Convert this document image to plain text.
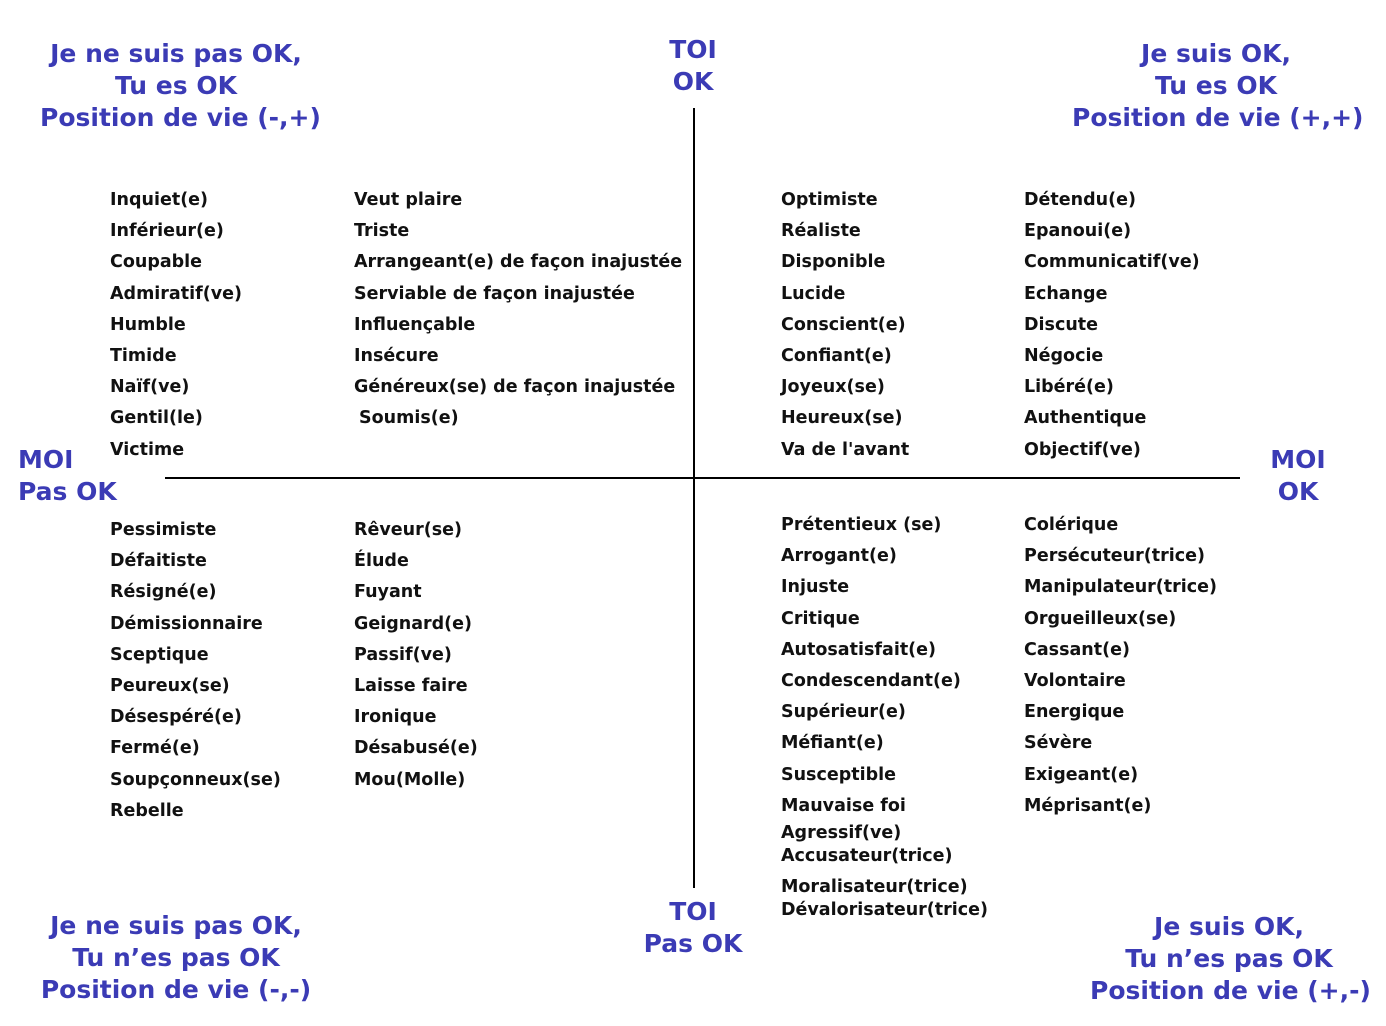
Je ne suis pas OK,
Tu es OK
Position de vie (-,+)
Je suis OK,
Tu es OK
Position de vie (+,+)
Je ne suis pas OK,
Tu n’es pas OK
Position de vie (-,-)
Je suis OK,
Tu n’es pas OK
Position de vie (+,-)
TOI
OK
TOI
Pas OK
MOI
Pas OK
MOI
OK
Inquiet(e)
Inférieur(e)
Coupable
Admiratif(ve)
Humble
Timide
Naïf(ve)
Gentil(le)
Victime
Veut plaire
Triste
Arrangeant(e) de façon inajustée
Serviable de façon inajustée
Influençable
Insécure
Généreux(se) de façon inajustée
Soumis(e)
Optimiste
Réaliste
Disponible
Lucide
Conscient(e)
Confiant(e)
Joyeux(se)
Heureux(se)
Va de l'avant
Détendu(e)
Epanoui(e)
Communicatif(ve)
Echange
Discute
Négocie
Libéré(e)
Authentique
Objectif(ve)
Pessimiste
Défaitiste
Résigné(e)
Démissionnaire
Sceptique
Peureux(se)
Désespéré(e)
Fermé(e)
Soupçonneux(se)
Rebelle
Rêveur(se)
Élude
Fuyant
Geignard(e)
Passif(ve)
Laisse faire
Ironique
Désabusé(e)
Mou(Molle)
Prétentieux (se)
Arrogant(e)
Injuste
Critique
Autosatisfait(e)
Condescendant(e)
Supérieur(e)
Méfiant(e)
Susceptible
Mauvaise foi
Agressif(ve)
Accusateur(trice)
Moralisateur(trice)
Dévalorisateur(trice)
Colérique
Persécuteur(trice)
Manipulateur(trice)
Orgueilleux(se)
Cassant(e)
Volontaire
Energique
Sévère
Exigeant(e)
Méprisant(e)
